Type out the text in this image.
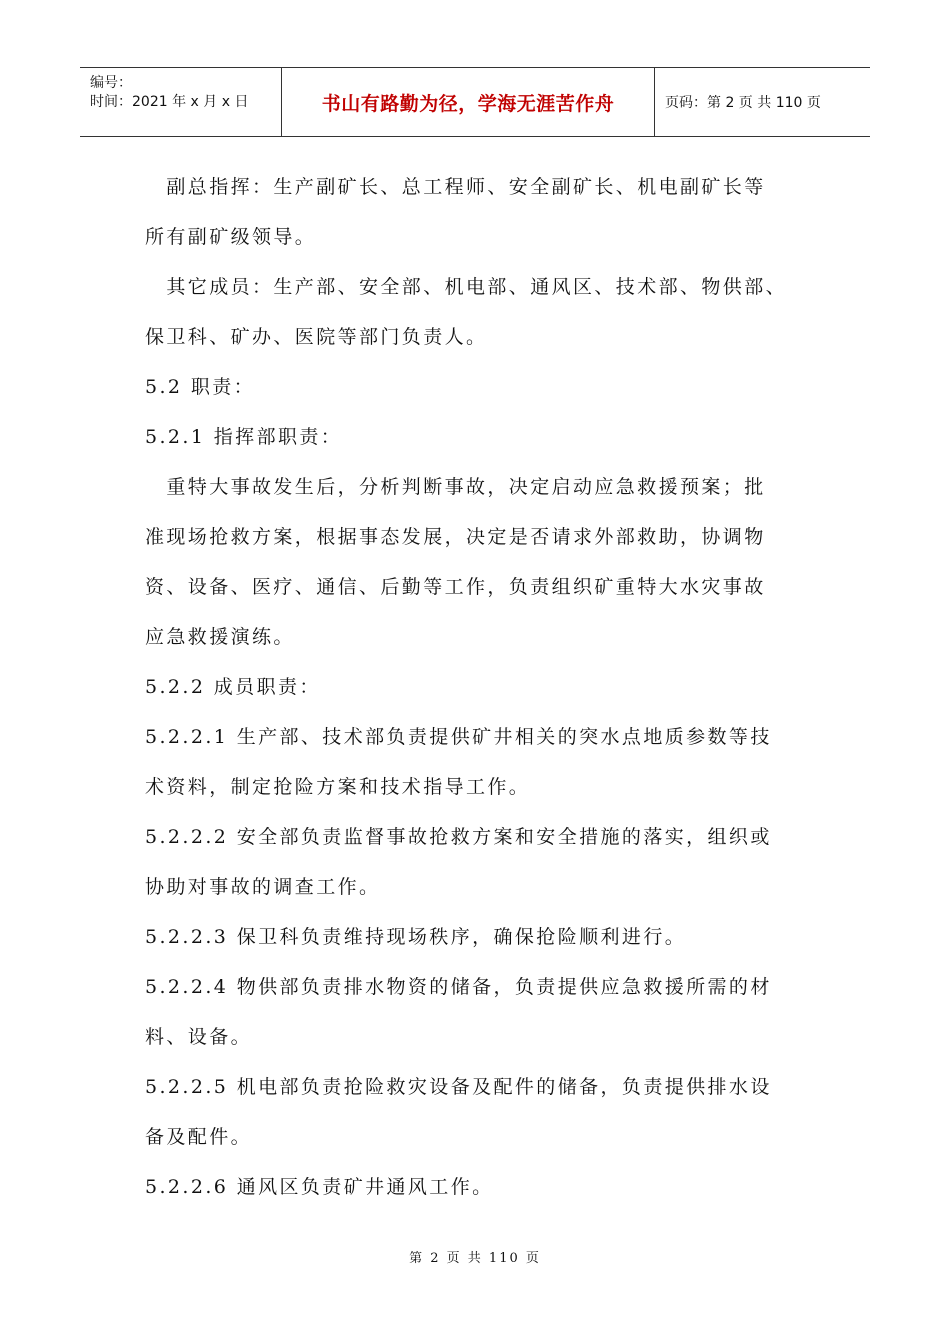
编号：
时间：2021 年 x 月 x 日	书山有路勤为径，学海无涯苦作舟	页码：第 2 页 共 110 页
　副总指挥：生产副矿长、总工程师、安全副矿长、机电副矿长等
所有副矿级领导。
　其它成员：生产部、安全部、机电部、通风区、技术部、物供部、
保卫科、矿办、医院等部门负责人。
5.2 职责：
5.2.1 指挥部职责：
　重特大事故发生后，分析判断事故，决定启动应急救援预案；批
准现场抢救方案，根据事态发展，决定是否请求外部救助，协调物
资、设备、医疗、通信、后勤等工作，负责组织矿重特大水灾事故
应急救援演练。
5.2.2 成员职责：
5.2.2.1 生产部、技术部负责提供矿井相关的突水点地质参数等技
术资料，制定抢险方案和技术指导工作。
5.2.2.2 安全部负责监督事故抢救方案和安全措施的落实，组织或
协助对事故的调查工作。
5.2.2.3 保卫科负责维持现场秩序，确保抢险顺利进行。
5.2.2.4 物供部负责排水物资的储备，负责提供应急救援所需的材
料、设备。
5.2.2.5 机电部负责抢险救灾设备及配件的储备，负责提供排水设
备及配件。
5.2.2.6 通风区负责矿井通风工作。
第 2 页 共 110 页
